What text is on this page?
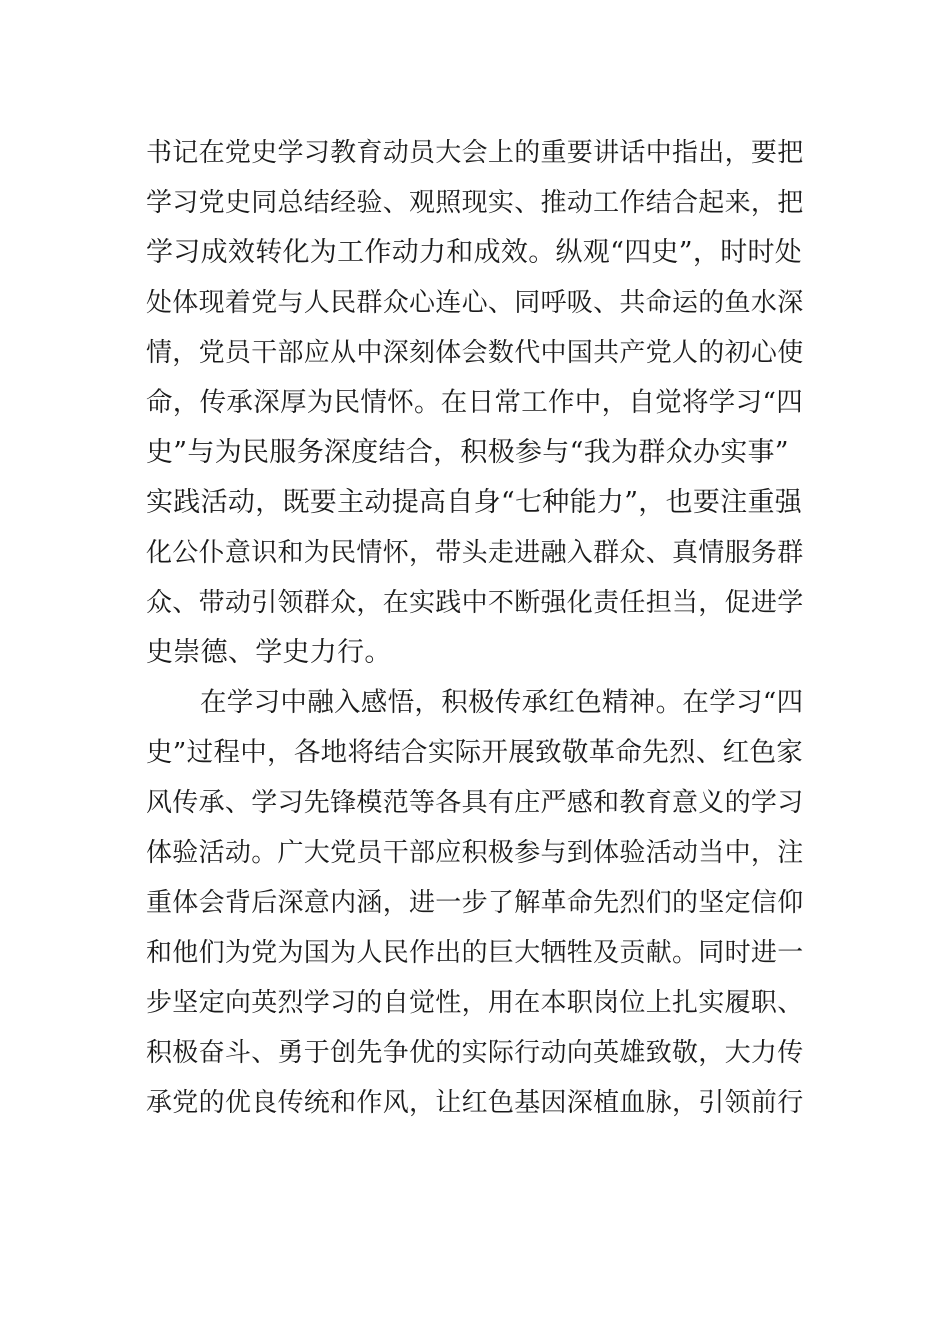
书记在党史学习教育动员大会上的重要讲话中指出，要把
学习党史同总结经验、观照现实、推动工作结合起来，把
学习成效转化为工作动力和成效。纵观“四史”，时时处
处体现着党与人民群众心连心、同呼吸、共命运的鱼水深
情，党员干部应从中深刻体会数代中国共产党人的初心使
命，传承深厚为民情怀。在日常工作中，自觉将学习“四
史”与为民服务深度结合，积极参与“我为群众办实事”
实践活动，既要主动提高自身“七种能力”，也要注重强
化公仆意识和为民情怀，带头走进融入群众、真情服务群
众、带动引领群众，在实践中不断强化责任担当，促进学
史崇德、学史力行。
在学习中融入感悟，积极传承红色精神。在学习“四
史”过程中，各地将结合实际开展致敬革命先烈、红色家
风传承、学习先锋模范等各具有庄严感和教育意义的学习
体验活动。广大党员干部应积极参与到体验活动当中，注
重体会背后深意内涵，进一步了解革命先烈们的坚定信仰
和他们为党为国为人民作出的巨大牺牲及贡献。同时进一
步坚定向英烈学习的自觉性，用在本职岗位上扎实履职、
积极奋斗、勇于创先争优的实际行动向英雄致敬，大力传
承党的优良传统和作风，让红色基因深植血脉，引领前行
